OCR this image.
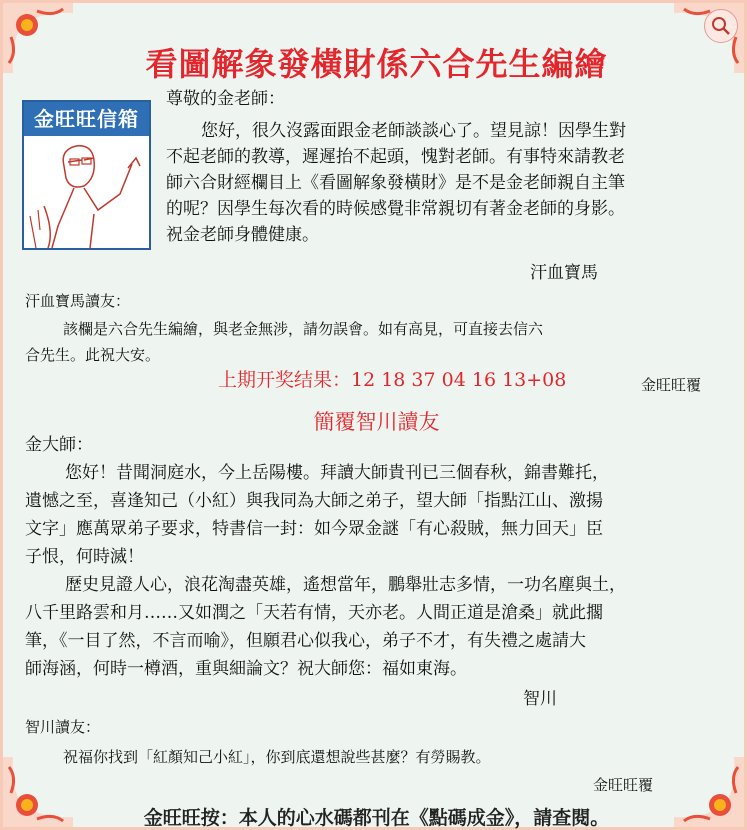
看圖解象發橫財係六合先生編繪
金旺旺信箱
尊敬的金老師：
您好，很久沒露面跟金老師談談心了。望見諒！因學生對
不起老師的教導，遲遲抬不起頭，愧對老師。有事特來請教老
師六合財經欄目上《看圖解象發橫財》是不是金老師親自主筆
的呢？因學生每次看的時候感覺非常親切有著金老師的身影。
祝金老師身體健康。
汗血寶馬
汗血寶馬讀友：
該欄是六合先生編繪，與老金無涉，請勿誤會。如有高見，可直接去信六
合先生。此祝大安。
上期开奖结果：12 18 37 04 16 13+08	金旺旺覆
簡覆智川讀友
金大師：
您好！昔聞洞庭水，今上岳陽樓。拜讀大師貴刊已三個春秋，錦書難托，
遺憾之至，喜逢知己（小紅）與我同為大師之弟子，望大師「指點江山、激揚
文字」應萬眾弟子要求，特書信一封：如今眾金謎「有心殺賊，無力回天」臣
子恨，何時滅！
歷史見證人心，浪花淘盡英雄，遙想當年，鵬舉壯志多情，一功名塵與土，
八千里路雲和月……又如潤之「天若有情，天亦老。人間正道是滄桑」就此擱
筆，《一目了然，不言而喻》，但願君心似我心，弟子不才，有失禮之處請大
師海涵，何時一樽酒，重與細論文？祝大師您：福如東海。
智川
智川讀友：
祝福你找到「紅顏知己小紅」，你到底還想說些甚麼？有勞賜教。
金旺旺覆
金旺旺按：本人的心水碼都刊在《點碼成金》，請查閱。
